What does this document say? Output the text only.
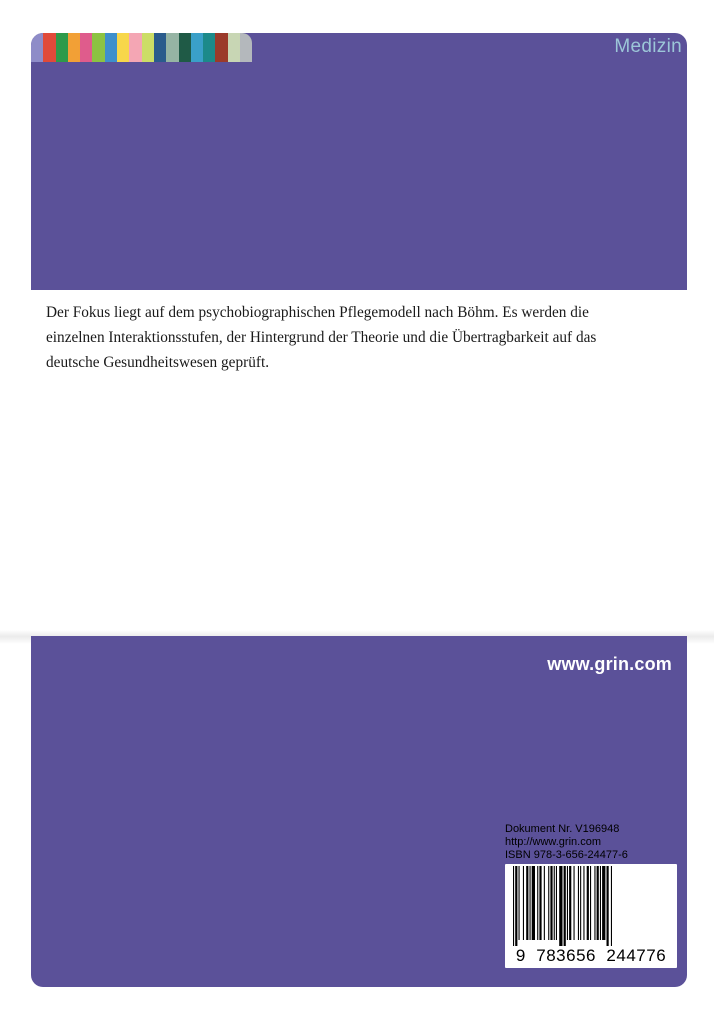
Medizin

Der Fokus liegt auf dem psychobiographischen Pflegemodell nach Böhm. Es werden die einzelnen Interaktionsstufen, der Hintergrund der Theorie und die Übertragbarkeit auf das deutsche Gesundheitswesen geprüft.

www.grin.com
Dokument Nr. V196948
http://www.grin.com
ISBN 978-3-656-24477-6
9  783656  244776
